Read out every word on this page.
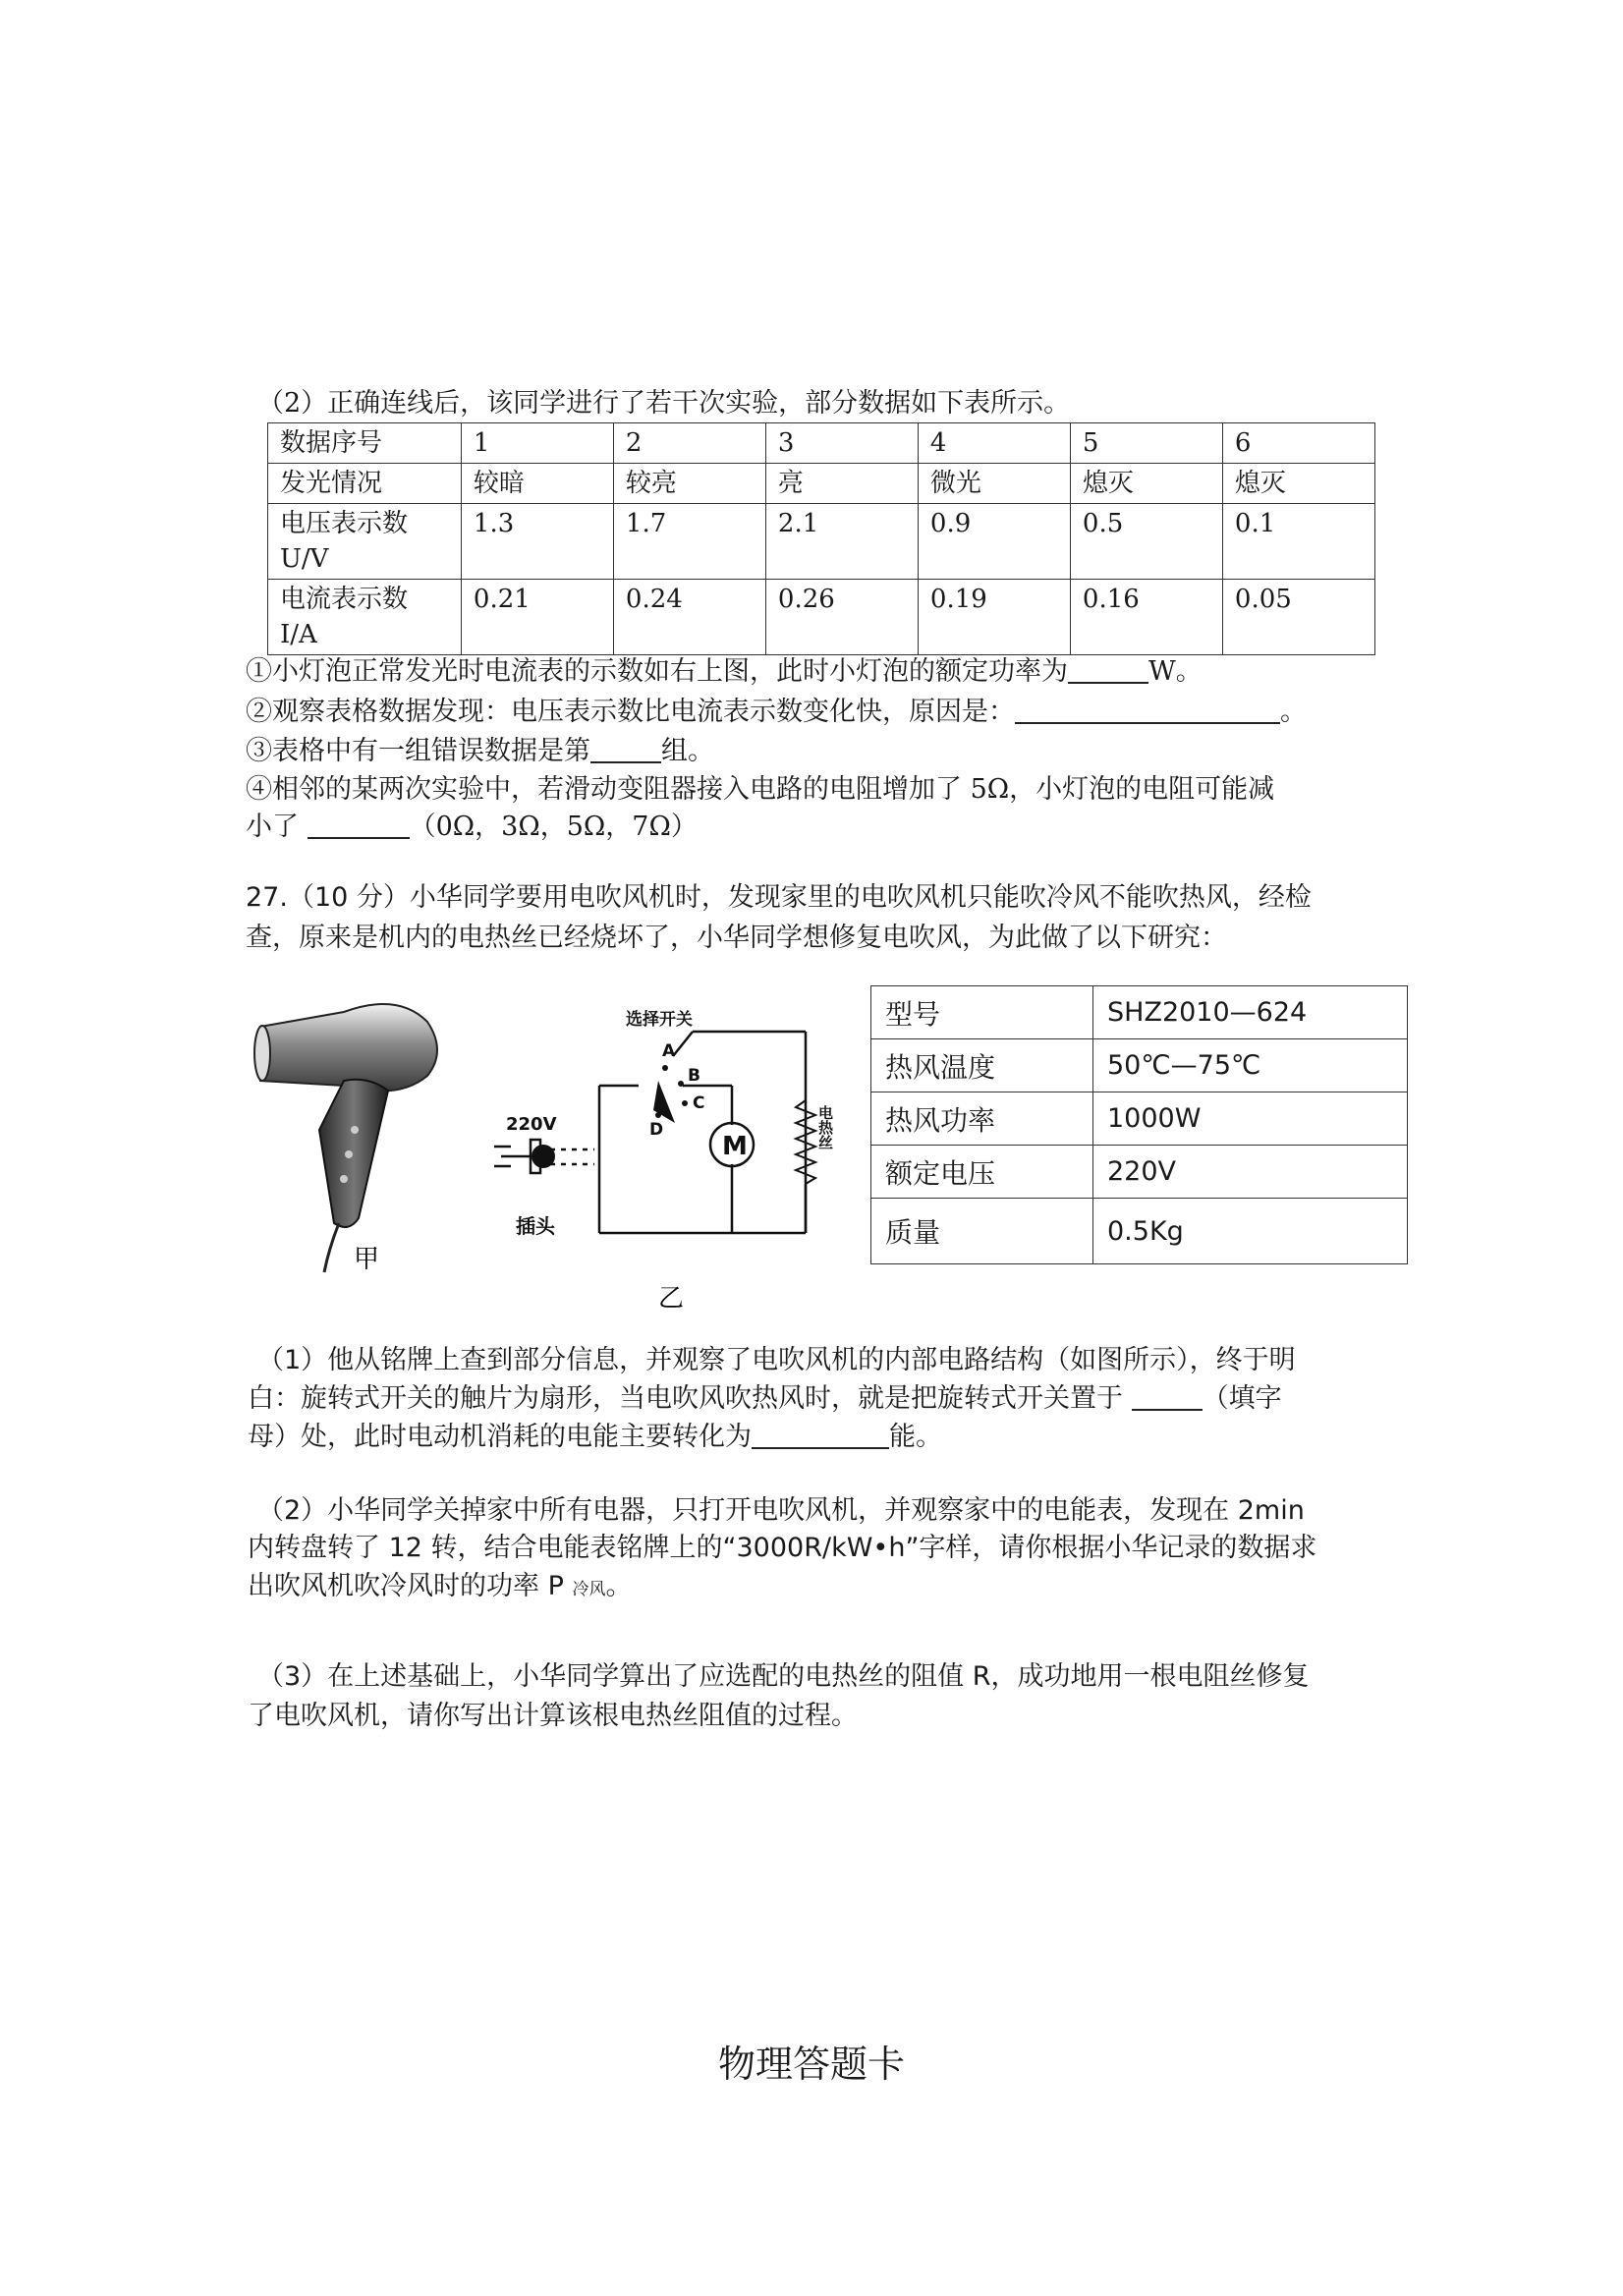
（2）正确连线后，该同学进行了若干次实验，部分数据如下表所示。
数据序号	1	2	3	4	5	6
发光情况	较暗	较亮	亮	微光	熄灭	熄灭
电压表示数
U/V	1.3	1.7	2.1	0.9	0.5	0.1
电流表示数
I/A	0.21	0.24	0.26	0.19	0.16	0.05
①小灯泡正常发光时电流表的示数如右上图，此时小灯泡的额定功率为	W。
②观察表格数据发现：电压表示数比电流表示数变化快，原因是：	。
③表格中有一组错误数据是第	组。
④相邻的某两次实验中，若滑动变阻器接入电路的电阻增加了 5Ω，小灯泡的电阻可能减
小了	（0Ω，3Ω，5Ω，7Ω）
27.（10 分）小华同学要用电吹风机时，发现家里的电吹风机只能吹冷风不能吹热风，经检
查，原来是机内的电热丝已经烧坏了，小华同学想修复电吹风，为此做了以下研究：
甲
选择开关
A
B
C
D
220V
插头
M	电热丝
乙
型号	SHZ2010—624
热风温度	50℃—75℃
热风功率	1000W
额定电压	220V
质量	0.5Kg
（1）他从铭牌上查到部分信息，并观察了电吹风机的内部电路结构（如图所示），终于明
白：旋转式开关的触片为扇形，当电吹风吹热风时，就是把旋转式开关置于	（填字
母）处，此时电动机消耗的电能主要转化为	能。
（2）小华同学关掉家中所有电器，只打开电吹风机，并观察家中的电能表，发现在 2min
内转盘转了 12 转，结合电能表铭牌上的“3000R/kW•h”字样，请你根据小华记录的数据求
出吹风机吹冷风时的功率 P 冷风。
（3）在上述基础上，小华同学算出了应选配的电热丝的阻值 R，成功地用一根电阻丝修复
了电吹风机，请你写出计算该根电热丝阻值的过程。
物理答题卡
